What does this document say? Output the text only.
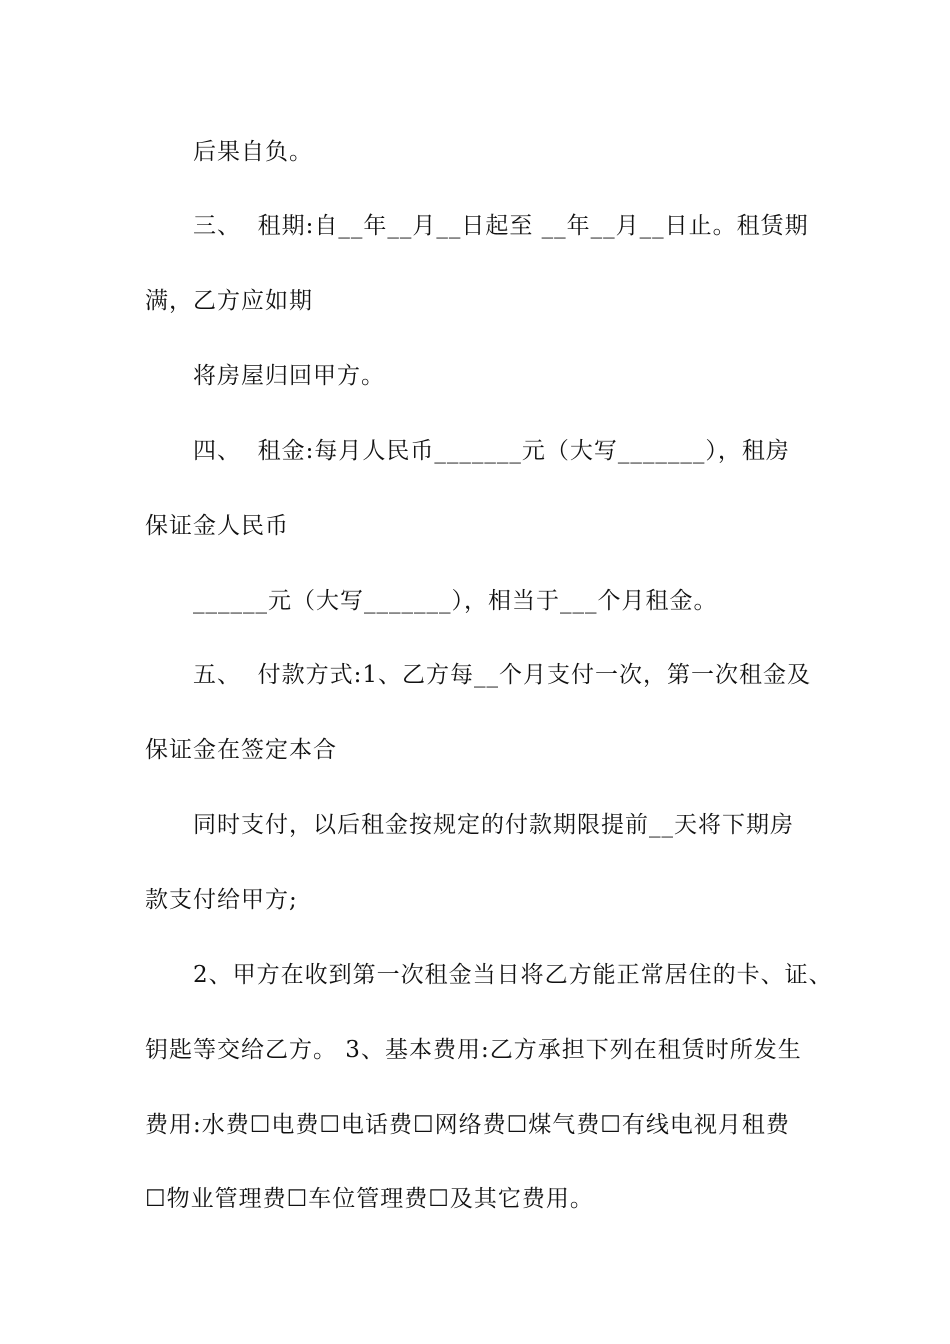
后果自负。
三、  租期:自__年__月__日起至 __年__月__日止。租赁期
满，乙方应如期
将房屋归回甲方。
四、  租金:每月人民币_______元（大写_______），租房
保证金人民币
______元（大写_______），相当于___个月租金。
五、  付款方式:1、乙方每__个月支付一次，第一次租金及
保证金在签定本合
同时支付，以后租金按规定的付款期限提前__天将下期房
款支付给甲方;
2、甲方在收到第一次租金当日将乙方能正常居住的卡、证、
钥匙等交给乙方。 3、基本费用:乙方承担下列在租赁时所发生
费用:水费☐电费☐电话费☐网络费☐煤气费☐有线电视月租费
☐物业管理费☐车位管理费☐及其它费用。
